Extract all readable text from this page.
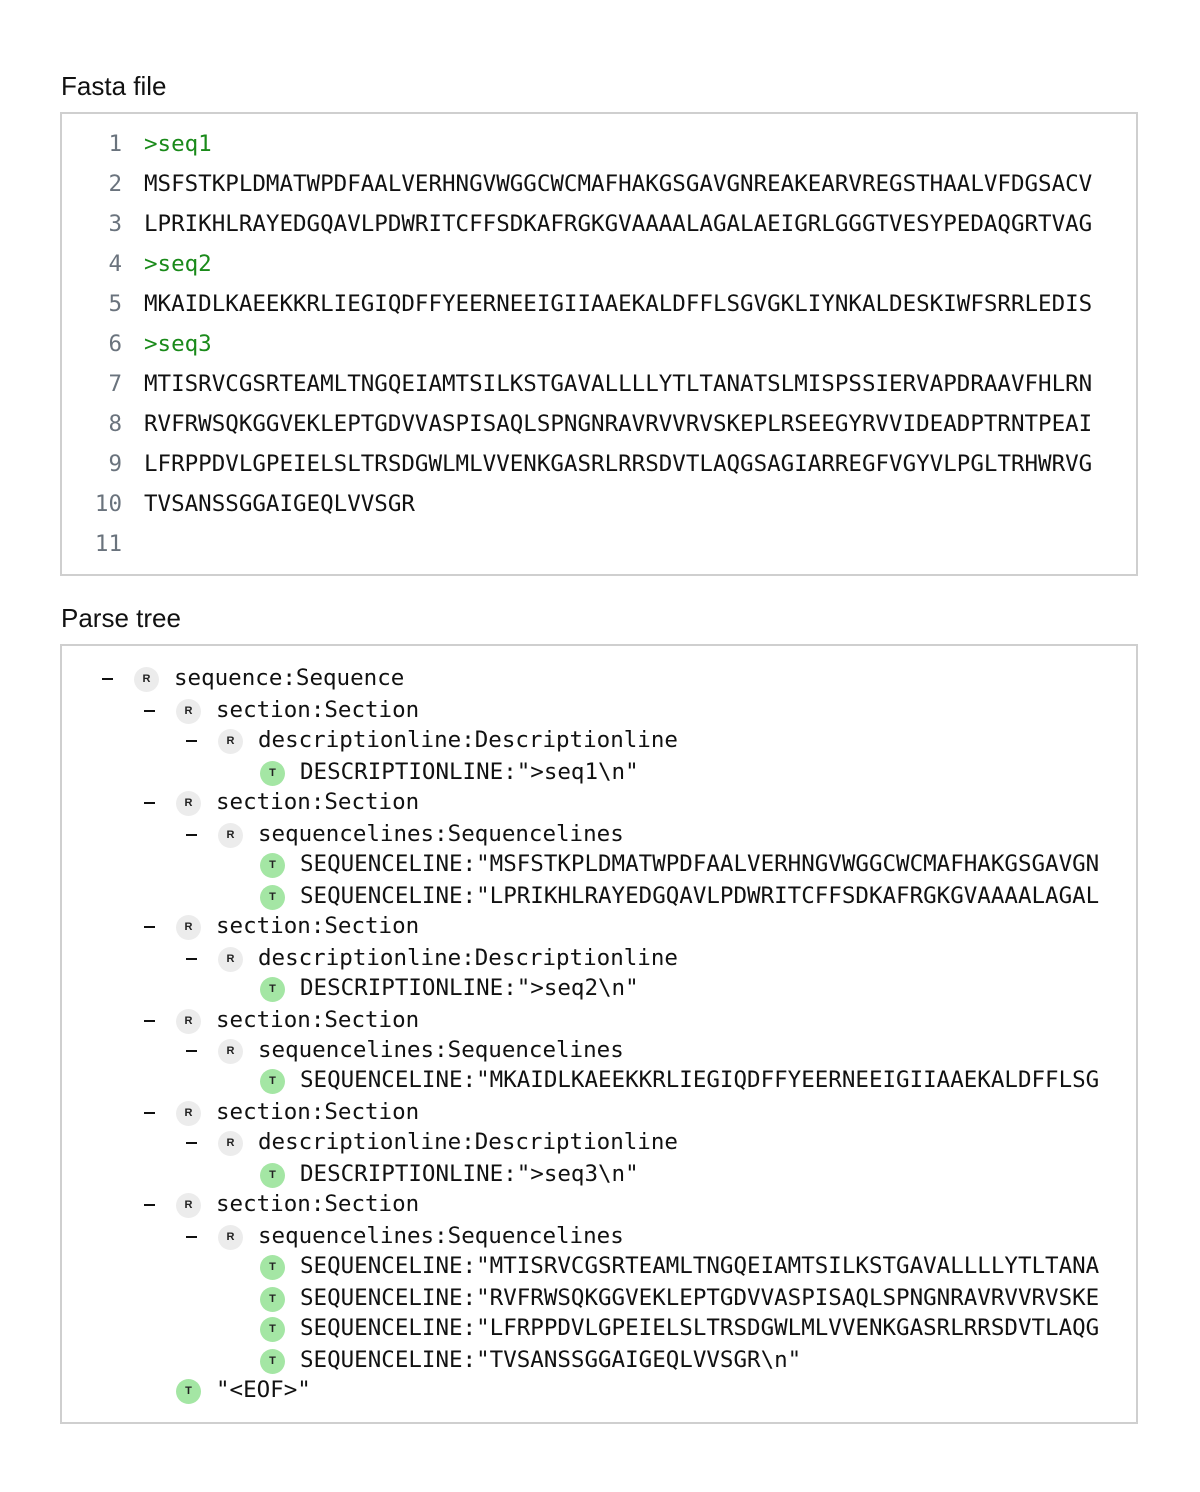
Fasta file
1 >seq1
2 MSFSTKPLDMATWPDFAALVERHNGVWGGCWCMAFHAKGSGAVGNREAKEARVREGSTHAALVFDGSACV
3 LPRIKHLRAYEDGQAVLPDWRITCFFSDKAFRGKGVAAAALAGALAEIGRLGGGTVESYPEDAQGRTVAG
4 >seq2
5 MKAIDLKAEEKKRLIEGIQDFFYEERNEEIGIIAAEKALDFFLSGVGKLIYNKALDESKIWFSRRLEDIS
6 >seq3
7 MTISRVCGSRTEAMLTNGQEIAMTSILKSTGAVALLLLYTLTANATSLMISPSSIERVAPDRAAVFHLRN
8 RVFRWSQKGGVEKLEPTGDVVASPISAQLSPNGNRAVRVVRVSKEPLRSEEGYRVVIDEADPTRNTPEAI
9 LFRPPDVLGPEIELSLTRSDGWLMLVVENKGASRLRRSDVTLAQGSAGIARREGFVGYVLPGLTRHWRVG
10 TVSANSSGGAIGEQLVVSGR
11
Parse tree
R	sequence:Sequence
R	section:Section
R	descriptionline:Descriptionline
T	DESCRIPTIONLINE:">seq1\n"
R	section:Section
R	sequencelines:Sequencelines
T	SEQUENCELINE:"MSFSTKPLDMATWPDFAALVERHNGVWGGCWCMAFHAKGSGAVGN
T	SEQUENCELINE:"LPRIKHLRAYEDGQAVLPDWRITCFFSDKAFRGKGVAAAALAGAL
R	section:Section
R	descriptionline:Descriptionline
T	DESCRIPTIONLINE:">seq2\n"
R	section:Section
R	sequencelines:Sequencelines
T	SEQUENCELINE:"MKAIDLKAEEKKRLIEGIQDFFYEERNEEIGIIAAEKALDFFLSG
R	section:Section
R	descriptionline:Descriptionline
T	DESCRIPTIONLINE:">seq3\n"
R	section:Section
R	sequencelines:Sequencelines
T	SEQUENCELINE:"MTISRVCGSRTEAMLTNGQEIAMTSILKSTGAVALLLLYTLTANA
T	SEQUENCELINE:"RVFRWSQKGGVEKLEPTGDVVASPISAQLSPNGNRAVRVVRVSKE
T	SEQUENCELINE:"LFRPPDVLGPEIELSLTRSDGWLMLVVENKGASRLRRSDVTLAQG
T	SEQUENCELINE:"TVSANSSGGAIGEQLVVSGR\n"
T	"<EOF>"
